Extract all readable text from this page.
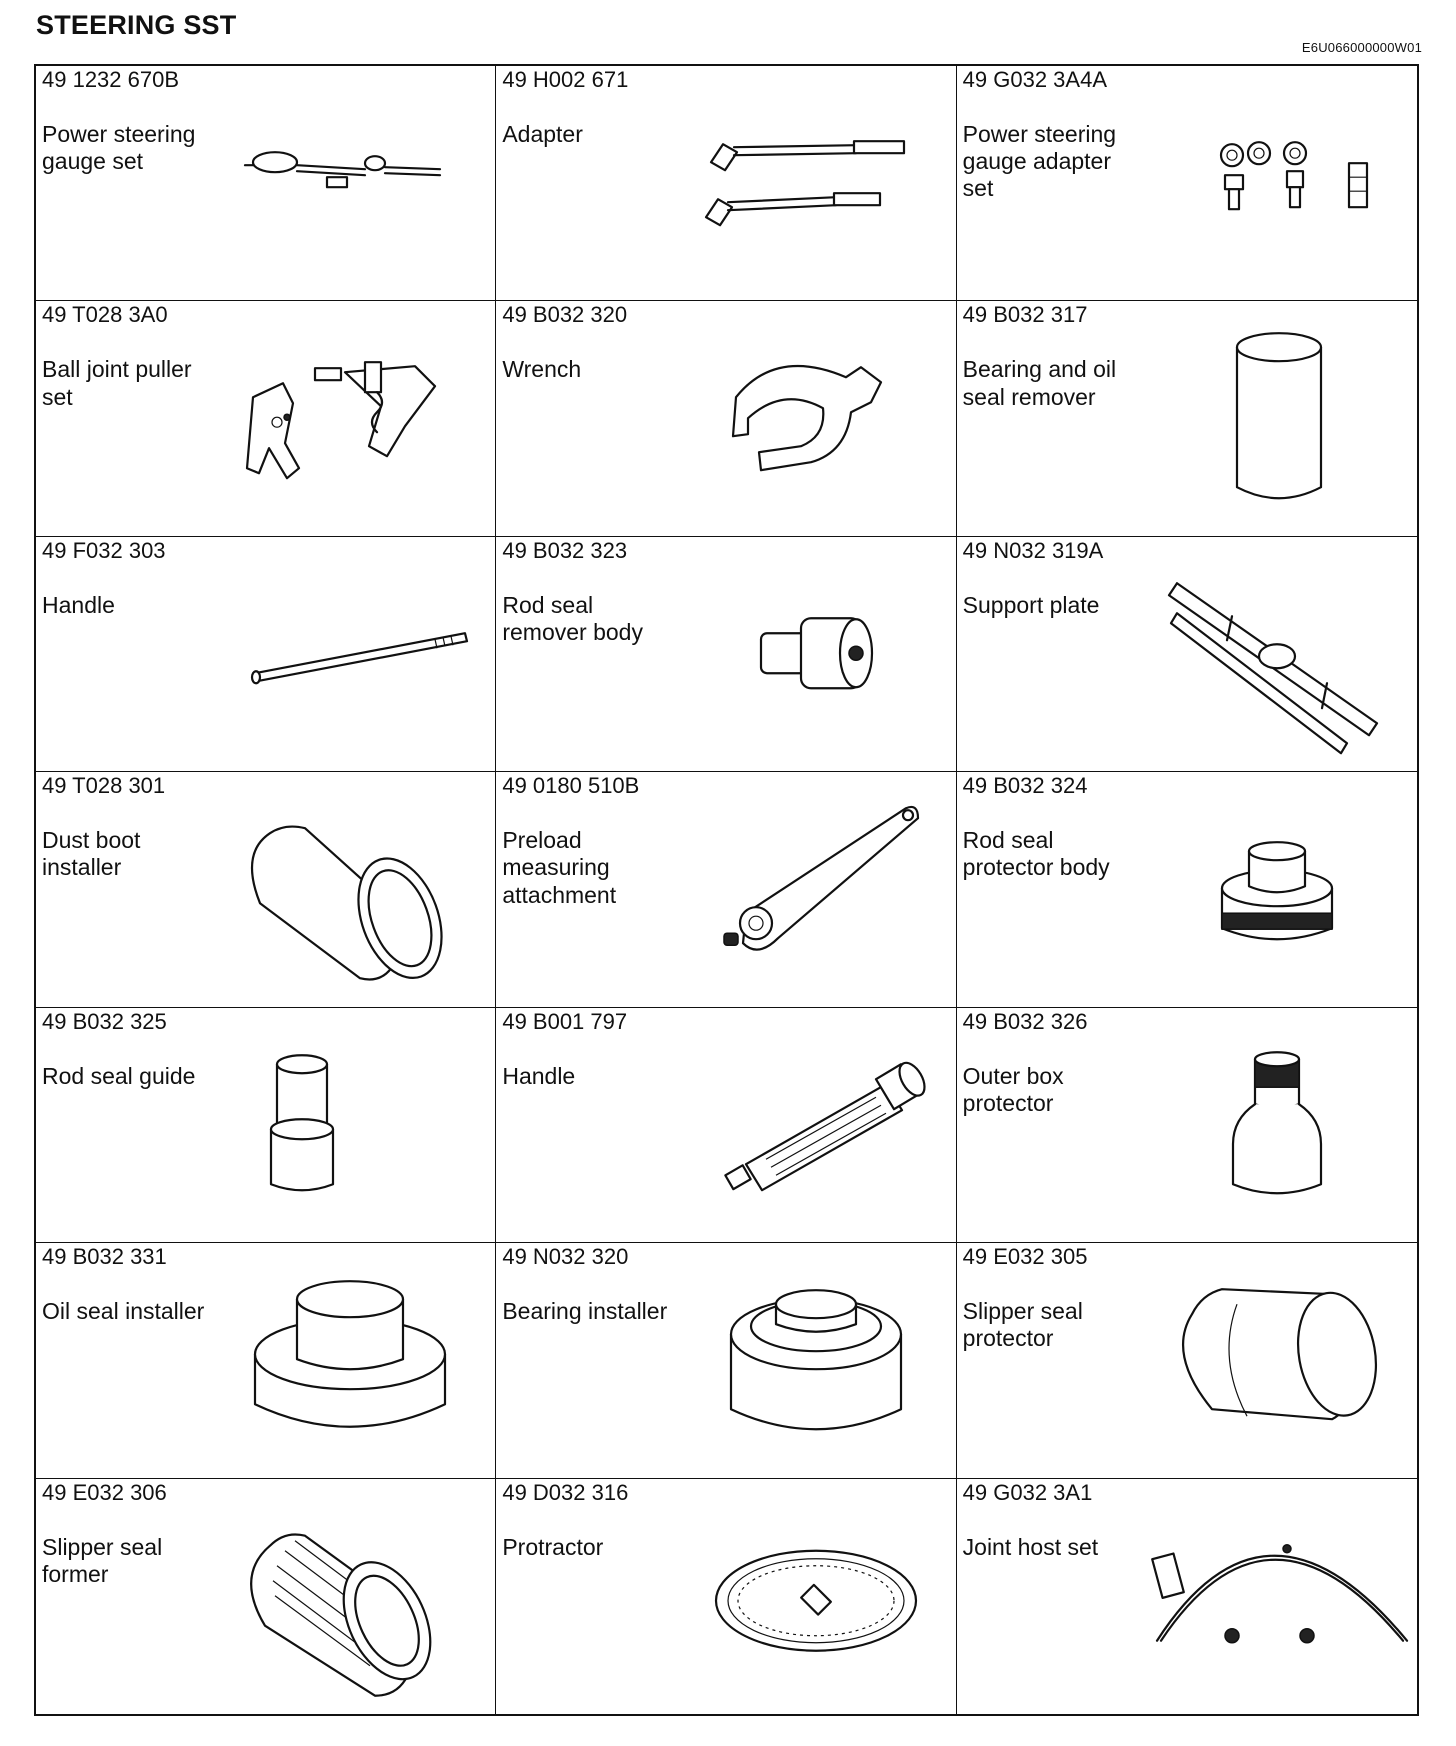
STEERING SST
E6U066000000W01
49 1232 670B
Power steering
gauge set
49 H002 671
Adapter
49 G032 3A4A
Power steering
gauge adapter
set
49 T028 3A0
Ball joint puller
set
49 B032 320
Wrench
49 B032 317
Bearing and oil
seal remover
49 F032 303
Handle
49 B032 323
Rod seal
remover body
49 N032 319A
Support plate
49 T028 301
Dust boot
installer
49 0180 510B
Preload
measuring
attachment
49 B032 324
Rod seal
protector body
49 B032 325
Rod seal guide
49 B001 797
Handle
49 B032 326
Outer box
protector
49 B032 331
Oil seal installer
49 N032 320
Bearing installer
49 E032 305
Slipper seal
protector
49 E032 306
Slipper seal
former
49 D032 316
Protractor
49 G032 3A1
Joint host set
